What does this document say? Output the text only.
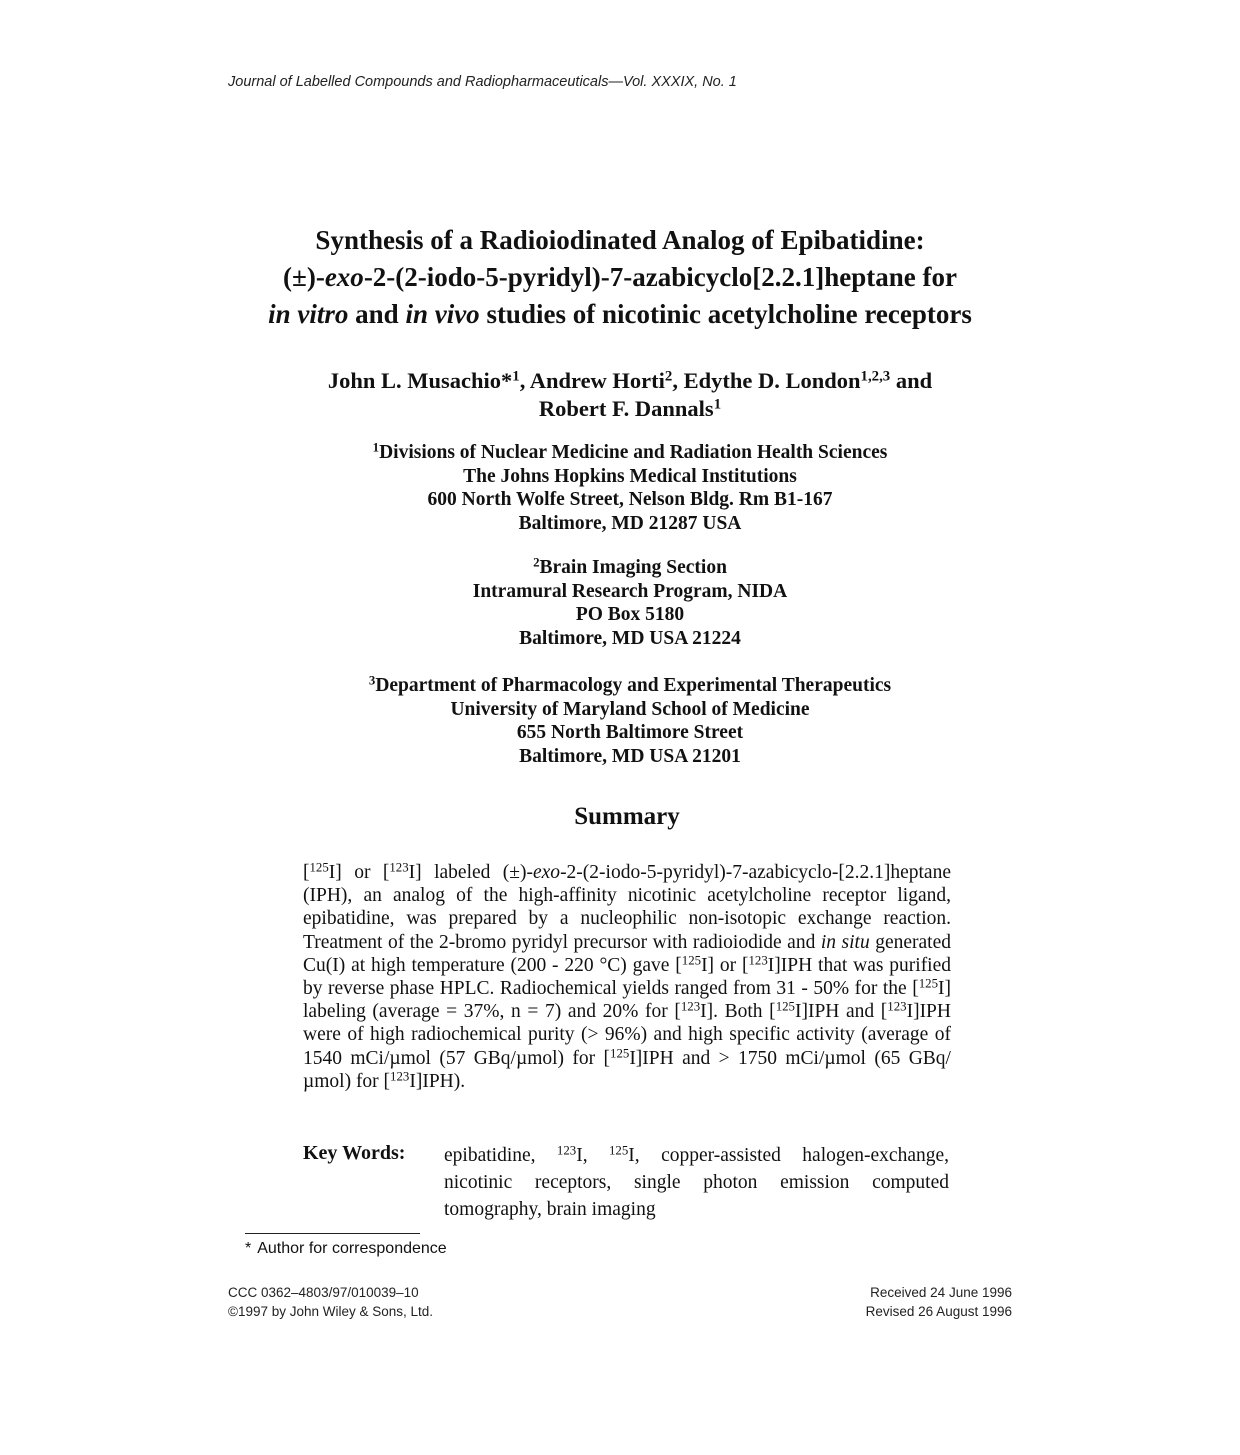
Journal of Labelled Compounds and Radiopharmaceuticals—Vol. XXXIX, No. 1
Synthesis of a Radioiodinated Analog of Epibatidine:
(±)-exo-2-(2-iodo-5-pyridyl)-7-azabicyclo[2.2.1]heptane for
in vitro and in vivo studies of nicotinic acetylcholine receptors
John L. Musachio*$^1$, Andrew Horti$^2$, Edythe D. London$^{1,2,3}$ and
Robert F. Dannals$^1$
$^1$Divisions of Nuclear Medicine and Radiation Health Sciences
The Johns Hopkins Medical Institutions
600 North Wolfe Street, Nelson Bldg. Rm B1-167
Baltimore, MD 21287 USA
$^2$Brain Imaging Section
Intramural Research Program, NIDA
PO Box 5180
Baltimore, MD USA 21224
$^3$Department of Pharmacology and Experimental Therapeutics
University of Maryland School of Medicine
655 North Baltimore Street
Baltimore, MD USA 21201
Summary
[$^{125}$I] or [$^{123}$I] labeled (±)-exo-2-(2-iodo-5-pyridyl)-7-azabicyclo-[2.2.1]heptane (IPH), an analog of the high-affinity nicotinic acetylcholine receptor ligand, epibatidine, was prepared by a nucleophilic non-isotopic exchange reaction. Treatment of the 2-bromo pyridyl precursor with radioiodide and in situ generated Cu(I) at high temperature (200 - 220 °C) gave [$^{125}$I] or [$^{123}$I]IPH that was purified by reverse phase HPLC. Radiochemical yields ranged from 31 - 50% for the [$^{125}$I] labeling (average = 37%, n = 7) and 20% for [$^{123}$I]. Both [$^{125}$I]IPH and [$^{123}$I]IPH were of high radiochemical purity (> 96%) and high specific activity (average of 1540 mCi/µmol (57 GBq/µmol) for [$^{125}$I]IPH and > 1750 mCi/µmol (65 GBq/µmol) for [$^{123}$I]IPH).
Key Words: epibatidine, $^{123}$I, $^{125}$I, copper-assisted halogen-exchange, nicotinic receptors, single photon emission computed tomography, brain imaging
* Author for correspondence
CCC 0362–4803/97/010039–10
©1997 by John Wiley & Sons, Ltd.
Received 24 June 1996
Revised 26 August 1996
